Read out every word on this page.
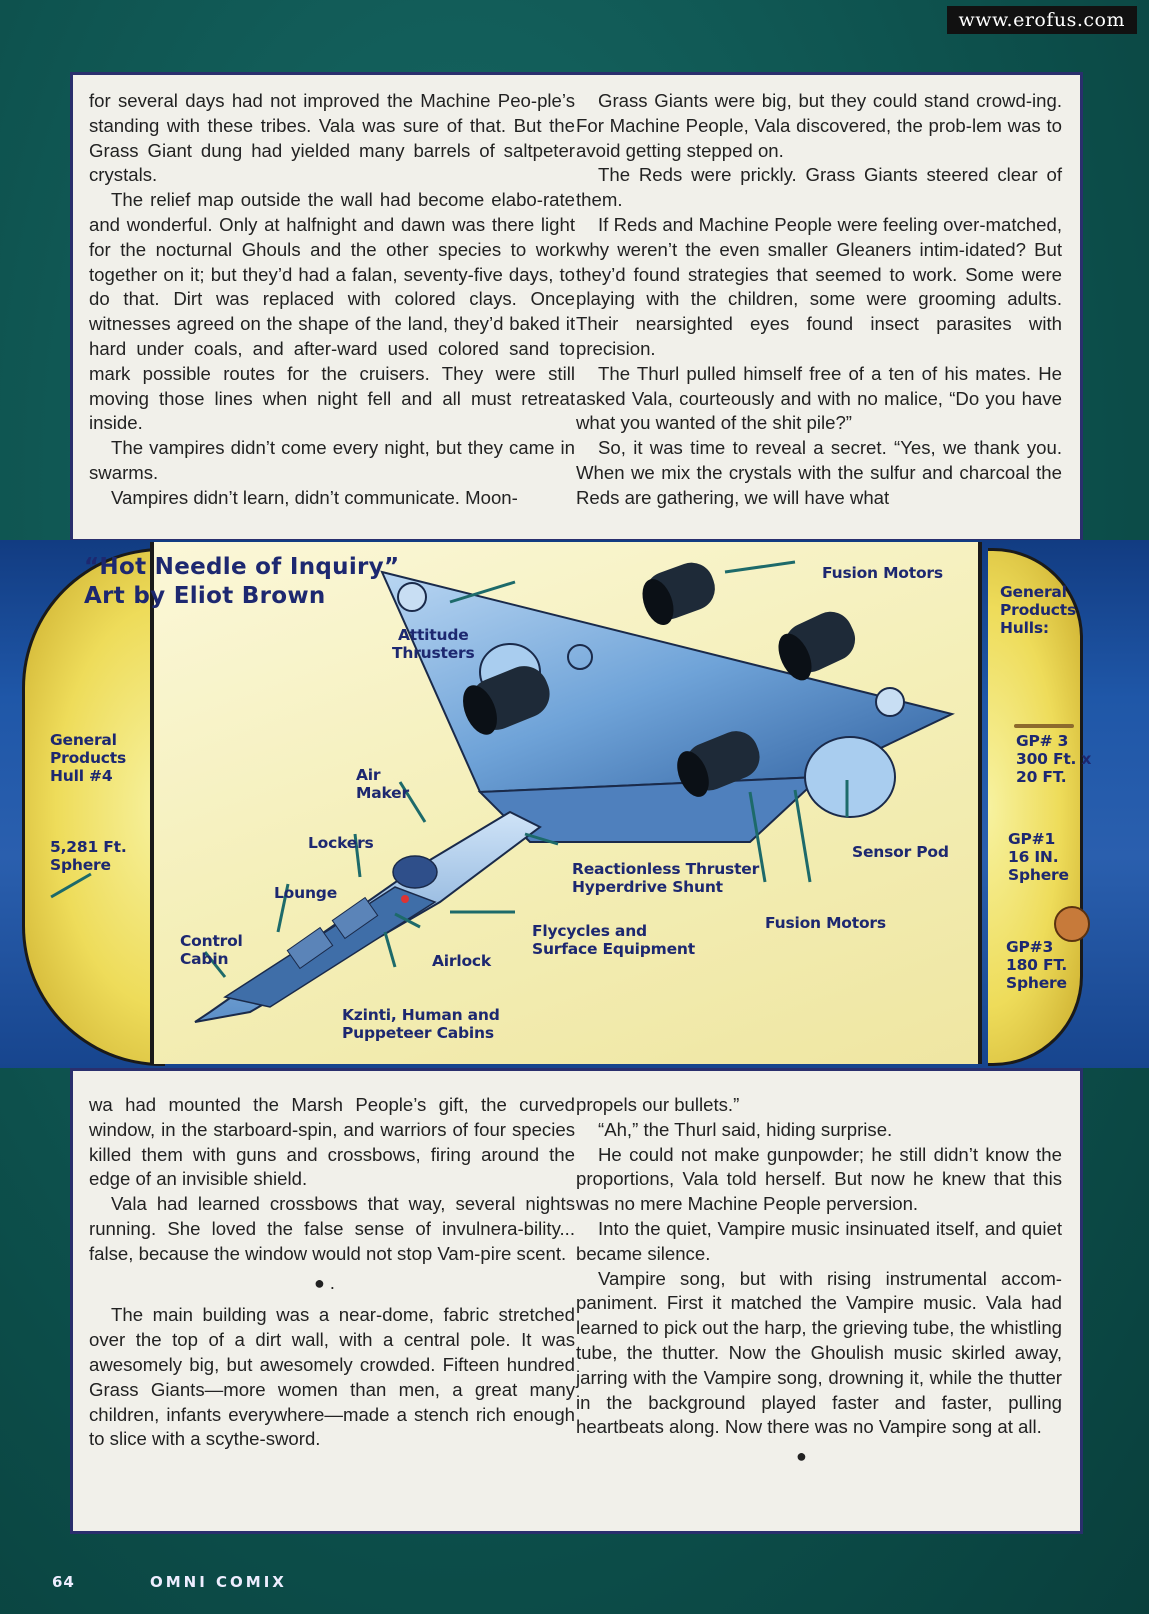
www.erofus.com

for several days had not improved the Machine Peo-ple’s standing with these tribes. Vala was sure of that. But the Grass Giant dung had yielded many barrels of saltpeter crystals.

The relief map outside the wall had become elabo-rate and wonderful. Only at halfnight and dawn was there light for the nocturnal Ghouls and the other species to work together on it; but they’d had a falan, seventy-five days, to do that. Dirt was replaced with colored clays. Once witnesses agreed on the shape of the land, they’d baked it hard under coals, and after-ward used colored sand to mark possible routes for the cruisers. They were still moving those lines when night fell and all must retreat inside.

The vampires didn’t come every night, but they came in swarms.

Vampires didn’t learn, didn’t communicate. Moon-

Grass Giants were big, but they could stand crowd-ing. For Machine People, Vala discovered, the prob-lem was to avoid getting stepped on.

The Reds were prickly. Grass Giants steered clear of them.

If Reds and Machine People were feeling over-matched, why weren’t the even smaller Gleaners intim-idated? But they’d found strategies that seemed to work. Some were playing with the children, some were grooming adults. Their nearsighted eyes found insect parasites with precision.

The Thurl pulled himself free of a ten of his mates. He asked Vala, courteously and with no malice, “Do you have what you wanted of the shit pile?”

So, it was time to reveal a secret. “Yes, we thank you. When we mix the crystals with the sulfur and charcoal the Reds are gathering, we will have what

“Hot Needle of Inquiry”
Art by Eliot Brown
General
Products
Hull #4
5,281 Ft.
Sphere
General
Products
Hulls:
GP# 3
300 Ft. x
20 FT.
GP#1
16 IN.
Sphere
GP#3
180 FT.
Sphere
Fusion Motors
Attitude
Thrusters
Air
Maker
Lockers
Lounge
Control
Cabin
Reactionless Thruster
Hyperdrive Shunt
Sensor Pod
Fusion Motors
Flycycles and
Surface Equipment
Airlock
Kzinti, Human and
Puppeteer Cabins

wa had mounted the Marsh People’s gift, the curved window, in the starboard-spin, and warriors of four species killed them with guns and crossbows, firing around the edge of an invisible shield.

Vala had learned crossbows that way, several nights running. She loved the false sense of invulnera-bility... false, because the window would not stop Vam-pire scent.

● .

The main building was a near-dome, fabric stretched over the top of a dirt wall, with a central pole. It was awesomely big, but awesomely crowded. Fifteen hundred Grass Giants—more women than men, a great many children, infants everywhere—made a stench rich enough to slice with a scythe-sword.

propels our bullets.”

“Ah,” the Thurl said, hiding surprise.

He could not make gunpowder; he still didn’t know the proportions, Vala told herself. But now he knew that this was no mere Machine People perversion.

Into the quiet, Vampire music insinuated itself, and quiet became silence.

Vampire song, but with rising instrumental accom-paniment. First it matched the Vampire music. Vala had learned to pick out the harp, the grieving tube, the whistling tube, the thutter. Now the Ghoulish music skirled away, jarring with the Vampire song, drowning it, while the thutter in the background played faster and faster, pulling heartbeats along. Now there was no Vampire song at all.

●
64	OMNI COMIX
